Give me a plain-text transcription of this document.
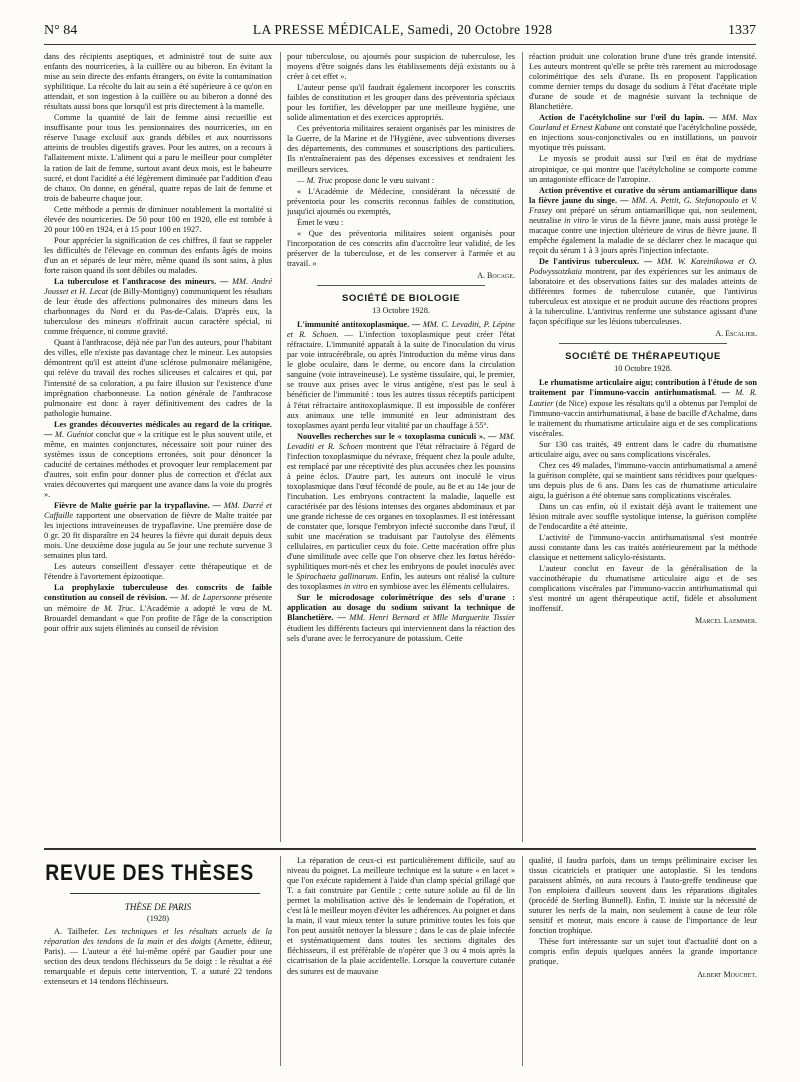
N° 84	LA PRESSE MÉDICALE, Samedi, 20 Octobre 1928	1337

dans des récipients aseptiques, et administré tout de suite aux enfants des nourriceries, à la cuillère ou au biberon. En évitant la mise au sein directe des enfants étrangers, on évite la contamination syphilitique. La récolte du lait au sein a été supérieure à ce qu'on en attendait, et son ingestion à la cuillère ou au biberon a donné des résultats aussi bons que lorsqu'il est pris directement à la mamelle.

Comme la quantité de lait de femme ainsi recueillie est insuffisante pour tous les pensionnaires des nourriceries, on en réserve l'usage exclusif aux grands débiles et aux nourrissons atteints de troubles digestifs graves. Pour les autres, on a recours à l'allaitement mixte. L'aliment qui a paru le meilleur pour compléter la ration de lait de femme, surtout avant deux mois, est le babeurre sucré, et dont l'acidité a été légèrement diminuée par l'addition d'eau de chaux. On donne, en général, quatre repas de lait de femme et trois de babeurre chaque jour.

Cette méthode a permis de diminuer notablement la mortalité si élevée des nourriceries. De 50 pour 100 en 1920, elle est tombée à 20 pour 100 en 1924, et à 15 pour 100 en 1927.

Pour apprécier la signification de ces chiffres, il faut se rappeler les difficultés de l'élevage en commun des enfants âgés de moins d'un an et séparés de leur mère, même quand ils sont sains, à plus forte raison quand ils sont débiles ou malades.

La tuberculose et l'anthracose des mineurs. — MM. André Jousset et H. Lecat (de Billy-Montigny) communiquent les résultats de leur étude des affections pulmonaires des mineurs dans les charbonnages du Nord et du Pas-de-Calais. D'après eux, la tuberculose des mineurs n'offrirait aucun caractère spécial, ni comme fréquence, ni comme gravité.

Quant à l'anthracose, déjà née par l'un des auteurs, pour l'habitant des villes, elle n'existe pas davantage chez le mineur. Les autopsies démontrent qu'il est atteint d'une sclérose pulmonaire mélanigène, qui relève du travail des roches siliceuses et calcaires et qui, par l'intensité de sa coloration, a pu faire illusion sur l'existence d'une imprégnation charbonneuse. La notion générale de l'anthracose pulmonaire est donc à rayer définitivement des cadres de la pathologie humaine.

Les grandes découvertes médicales au regard de la critique. — M. Guéniot conclut que « la critique est le plus souvent utile, et même, en maintes conjonctures, nécessaire soit pour ruiner des systèmes issus de conceptions erronées, soit pour dénoncer la caducité de certaines méthodes et provoquer leur remplacement par d'autres, soit enfin pour donner plus de correction et d'éclat aux vraies découvertes qui marquent une avance dans la voie du progrès ».

Fièvre de Malte guérie par la trypaflavine. — MM. Darré et Caffaille rapportent une observation de fièvre de Malte traitée par les injections intraveineuses de trypaflavine. Une première dose de 0 gr. 20 fit disparaître en 24 heures la fièvre qui durait depuis deux mois. Une deuxième dose jugula au 5e jour une rechute survenue 3 semaines plus tard.

Les auteurs conseillent d'essayer cette thérapeutique et de l'étendre à l'avortement épizootique.

La prophylaxie tuberculeuse des conscrits de faible constitution au conseil de révision. — M. de Lapersonne présente un mémoire de M. Truc. L'Académie a adopté le vœu de M. Brouardel demandant « que l'on profite de l'âge de la conscription pour offrir aux sujets éliminés au conseil de révision

pour tuberculose, ou ajournés pour suspicion de tuberculose, les moyens d'être soignés dans les établissements déjà existants ou à créer à cet effet ».

L'auteur pense qu'il faudrait également incorporer les conscrits faibles de constitution et les grouper dans des préventoria spéciaux pour les fortifier, les développer par une meilleure hygiène, une solide alimentation et des exercices appropriés.

Ces préventoria militaires seraient organisés par les ministres de la Guerre, de la Marine et de l'Hygiène, avec subventions diverses des départements, des communes et souscriptions des particuliers. Ils n'entraîneraient pas des dépenses excessives et rendraient les meilleurs services.

— M. Truc propose donc le vœu suivant :

« L'Académie de Médecine, considérant la nécessité de préventoria pour les conscrits reconnus faibles de constitution, jusqu'ici ajournés ou exemptés,

Émet le vœu :

« Que des préventoria militaires soient organisés pour l'incorporation de ces conscrits afin d'accroître leur validité, de les préserver de la tuberculose, et de les conserver à l'armée et au travail. »

A. Bocage.

SOCIÉTÉ DE BIOLOGIE

13 Octobre 1928.

L'immunité antitoxoplasmique. — MM. C. Levaditi, P. Lépine et R. Schoen. — L'infection toxoplasmique peut créer l'état réfractaire. L'immunité apparaît à la suite de l'inoculation du virus par voie intracérébrale, ou après l'introduction du même virus dans le globe oculaire, dans le derme, ou encore dans la circulation sanguine (voie intraveineuse). Le système tissulaire, qui, le premier, se trouve aux prises avec le virus antigène, n'est pas le seul à bénéficier de l'immunité : tous les autres tissus réceptifs participent à l'état réfractaire antitoxoplasmique. Il est impossible de conférer aux animaux une telle immunité en leur administrant des toxoplasmes ayant perdu leur vitalité par un chauffage à 55°.

Nouvelles recherches sur le « toxoplasma cuniculi ». — MM. Levaditi et R. Schoen montrent que l'état réfractaire à l'égard de l'infection toxoplasmique du névraxe, fréquent chez la poule adulte, est remplacé par une réceptivité des plus accusées chez les poussins à peine éclos. D'autre part, les auteurs ont inoculé le virus toxoplasmique dans l'œuf fécondé de poule, au 8e et au 14e jour de l'incubation. Les embryons contractent la maladie, laquelle est caractérisée par des lésions intenses des organes abdominaux et par une grande richesse de ces organes en toxoplasmes. Il est intéressant de constater que, lorsque l'embryon infecté succombe dans l'œuf, il subit une macération se traduisant par l'autolyse des éléments cellulaires, en particulier ceux du foie. Cette macération offre plus d'une similitude avec celle que l'on observe chez les fœtus hérédo-syphilitiques mort-nés et chez les embryons de poulet inoculés avec le Spirochaeta gallinarum. Enfin, les auteurs ont réalisé la culture des toxoplasmes in vitro en symbiose avec les éléments cellulaires.

Sur le microdosage colorimétrique des sels d'urane : application au dosage du sodium suivant la technique de Blanchetière. — MM. Henri Bernard et Mlle Marguerite Tissier étudient les différents facteurs qui interviennent dans la réaction des sels d'urane avec le ferrocyanure de potassium. Cette

réaction produit une coloration brune d'une très grande intensité. Les auteurs montrent qu'elle se prête très rarement au microdosage colorimétrique des sels d'urane. Ils en proposent l'application comme dernier temps du dosage du sodium à l'état d'acétate triple d'urane de soude et de magnésie suivant la technique de Blanchetière.

Action de l'acétylcholine sur l'œil du lapin. — MM. Max Courland et Ernest Kabane ont constaté que l'acétylcholine possède, en injections sous-conjonctivales ou en instillations, un pouvoir myotique très puissant.

Le myosis se produit aussi sur l'œil en état de mydriase atropinique, ce qui montre que l'acétylcholine se comporte comme un antagoniste efficace de l'atropine.

Action préventive et curative du sérum antiamarillique dans la fièvre jaune du singe. — MM. A. Pettit, G. Stefanopoulo et V. Frasey ont préparé un sérum antiamarillique qui, non seulement, neutralise in vitro le virus de la fièvre jaune, mais aussi protège le macaque contre une injection ultérieure de virus de fièvre jaune. Il empêche également la maladie de se déclarer chez le macaque qui reçoit du sérum 1 à 3 jours après l'injection infectante.

De l'antivirus tuberculeux. — MM. W. Kareinikowa et O. Podwyssotzkaia montrent, par des expériences sur les animaux de laboratoire et des observations faites sur des malades atteints de différentes formes de tuberculose cutanée, que l'antivirus tuberculeux est atoxique et ne produit aucune des réactions propres à la tuberculine. L'antivirus renferme une substance agissant d'une façon spécifique sur les lésions tuberculeuses.

A. Escalier.

SOCIÉTÉ DE THÉRAPEUTIQUE

10 Octobre 1928.

Le rhumatisme articulaire aigu; contribution à l'étude de son traitement par l'immuno-vaccin antirhumatismal. — M. R. Lautier (de Nice) expose les résultats qu'il a obtenus par l'emploi de l'immuno-vaccin antirhumatismal, à base de bacille d'Achalme, dans le traitement du rhumatisme articulaire aigu et de ses complications viscérales.

Sur 130 cas traités, 49 entrent dans le cadre du rhumatisme articulaire aigu, avec ou sans complications viscérales.

Chez ces 49 malades, l'immuno-vaccin antirhumatismal a amené la guérison complète, qui se maintient sans récidives pour quelques-uns depuis plus de 6 ans. Dans les cas de rhumatisme articulaire aigu, la guérison a été obtenue sans complications viscérales.

Dans un cas enfin, où il existait déjà avant le traitement une lésion mitrale avec souffle systolique intense, la guérison complète de l'endocardite a été atteinte.

L'activité de l'immuno-vaccin antirhumatismal s'est montrée aussi constante dans les cas traités antérieurement par la méthode classique et nettement salicylo-résistants.

L'auteur conclut en faveur de la généralisation de la vaccinothérapie du rhumatisme articulaire aigu et de ses complications viscérales par l'immuno-vaccin antirhumatismal qui s'est montré un agent thérapeutique actif, fidèle et absolument inoffensif.

Marcel Laemmer.

REVUE DES THÈSES

THÈSE DE PARIS

(1928)

A. Tailhefer. Les techniques et les résultats actuels de la réparation des tendons de la main et des doigts (Arnette, éditeur, Paris). — L'auteur a été lui-même opéré par Gaudier pour une section des deux tendons fléchisseurs du 5e doigt : le résultat a été remarquable et depuis cette intervention, T. a suturé 22 tendons extenseurs et 14 tendons fléchisseurs.

La réparation de ceux-ci est particulièrement difficile, sauf au niveau du poignet. La meilleure technique est la suture « en lacet » que l'on exécute rapidement à l'aide d'un clamp spécial grillagé que T. a fait construire par Gentile ; cette suture solide au fil de lin permet la mobilisation active dès le lendemain de l'opération, et c'est là le meilleur moyen d'éviter les adhérences. Au poignet et dans la main, il vaut mieux tenter la suture primitive toutes les fois que l'on peut aussitôt nettoyer la blessure ; dans le cas de plaie infectée et systématiquement dans toutes les sections digitales des fléchisseurs, il est préférable de n'opérer que 3 ou 4 mois après la cicatrisation de la plaie accidentelle. Lorsque la couverture cutanée des sutures est de mauvaise

qualité, il faudra parfois, dans un temps préliminaire exciser les tissus cicatriciels et pratiquer une autoplastie. Si les tendons paraissent abîmés, on aura recours à l'auto-greffe tendineuse que l'on emploiera d'ailleurs souvent dans les réparations digitales (procédé de Sterling Bunnell). Enfin, T. insiste sur la nécessité de suturer les nerfs de la main, non seulement à cause de leur rôle sensitif et moteur, mais encore à cause de l'importance de leur fonction trophique.

Thèse fort intéressante sur un sujet tout d'actualité dont on a compris enfin depuis quelques années la grande importance pratique.

Albert Mouchet.
